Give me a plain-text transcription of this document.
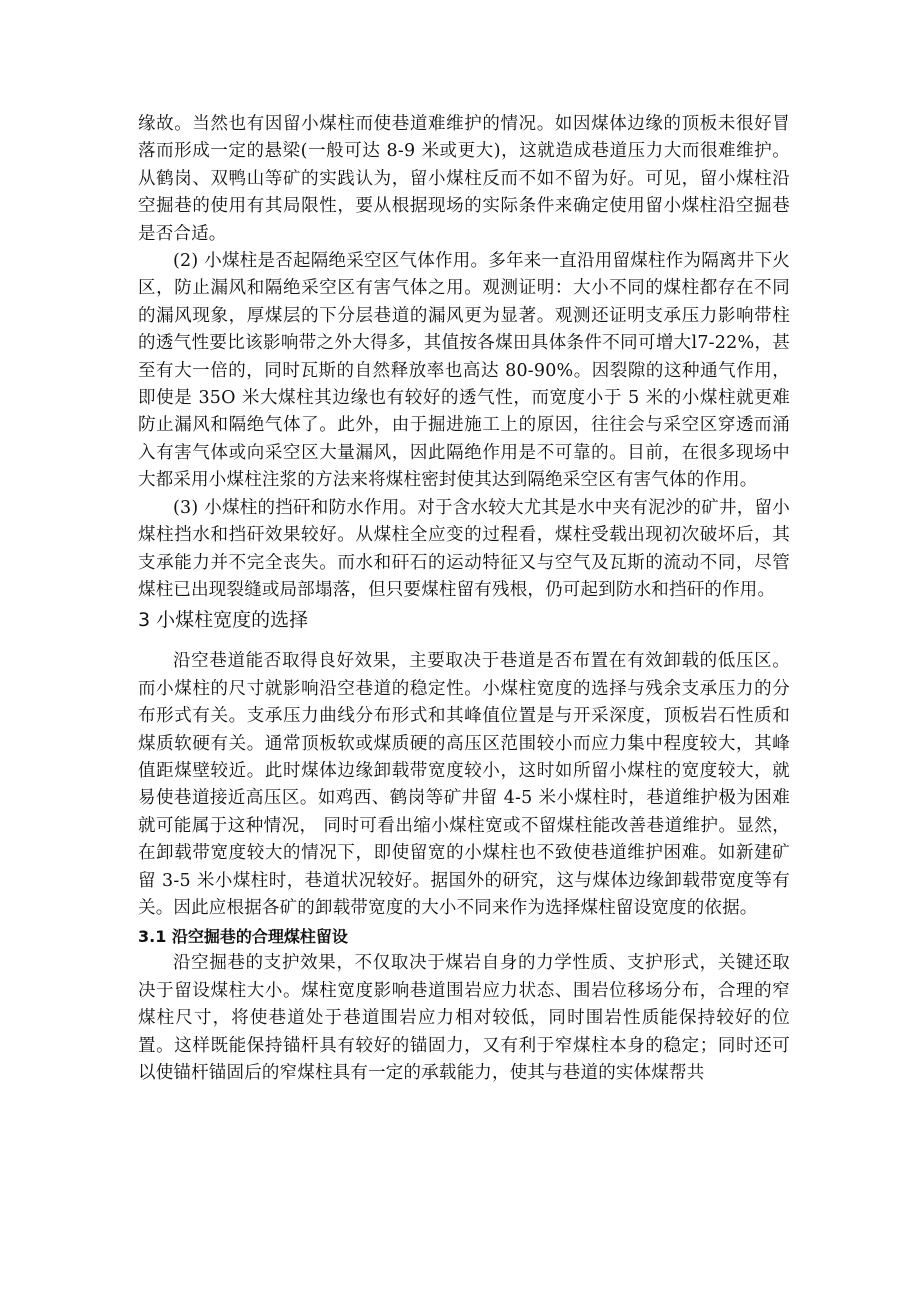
缘故。当然也有因留小煤柱而使巷道难维护的情况。如因煤体边缘的顶板未很好冒落而形成一定的悬梁(一般可达 8-9 米或更大)，这就造成巷道压力大而很难维护。从鹤岗、双鸭山等矿的实践认为，留小煤柱反而不如不留为好。可见，留小煤柱沿空掘巷的使用有其局限性，要从根据现场的实际条件来确定使用留小煤柱沿空掘巷是否合适。

(2) 小煤柱是否起隔绝采空区气体作用。多年来一直沿用留煤柱作为隔离井下火区，防止漏风和隔绝采空区有害气体之用。观测证明：大小不同的煤柱都存在不同的漏风现象，厚煤层的下分层巷道的漏风更为显著。观测还证明支承压力影响带柱的透气性要比该影响带之外大得多，其值按各煤田具体条件不同可增大l7-22%，甚至有大一倍的，同时瓦斯的自然释放率也高达 80-90%。因裂隙的这种通气作用，即使是 35O 米大煤柱其边缘也有较好的透气性，而宽度小于 5 米的小煤柱就更难防止漏风和隔绝气体了。此外，由于掘进施工上的原因，往往会与采空区穿透而涌入有害气体或向采空区大量漏风，因此隔绝作用是不可靠的。目前，在很多现场中大都采用小煤柱注浆的方法来将煤柱密封使其达到隔绝采空区有害气体的作用。

(3) 小煤柱的挡矸和防水作用。对于含水较大尤其是水中夹有泥沙的矿井，留小煤柱挡水和挡矸效果较好。从煤柱全应变的过程看，煤柱受载出现初次破坏后，其支承能力并不完全丧失。而水和矸石的运动特征又与空气及瓦斯的流动不同，尽管煤柱已出现裂缝或局部塌落，但只要煤柱留有残根，仍可起到防水和挡矸的作用。

3 小煤柱宽度的选择

沿空巷道能否取得良好效果，主要取决于巷道是否布置在有效卸载的低压区。而小煤柱的尺寸就影响沿空巷道的稳定性。小煤柱宽度的选择与残余支承压力的分布形式有关。支承压力曲线分布形式和其峰值位置是与开采深度，顶板岩石性质和煤质软硬有关。通常顶板软或煤质硬的高压区范围较小而应力集中程度较大，其峰值距煤壁较近。此时煤体边缘卸载带宽度较小，这时如所留小煤柱的宽度较大，就易使巷道接近高压区。如鸡西、鹤岗等矿井留 4-5 米小煤柱时，巷道维护极为困难就可能属于这种情况， 同时可看出缩小煤柱宽或不留煤柱能改善巷道维护。显然，在卸载带宽度较大的情况下，即使留宽的小煤柱也不致使巷道维护困难。如新建矿留 3-5 米小煤柱时，巷道状况较好。据国外的研究，这与煤体边缘卸载带宽度等有关。因此应根据各矿的卸载带宽度的大小不同来作为选择煤柱留设宽度的依据。

3.1 沿空掘巷的合理煤柱留设

沿空掘巷的支护效果，不仅取决于煤岩自身的力学性质、支护形式，关键还取决于留设煤柱大小。煤柱宽度影响巷道围岩应力状态、围岩位移场分布，合理的窄煤柱尺寸，将使巷道处于巷道围岩应力相对较低，同时围岩性质能保持较好的位置。这样既能保持锚杆具有较好的锚固力，又有利于窄煤柱本身的稳定；同时还可以使锚杆锚固后的窄煤柱具有一定的承载能力，使其与巷道的实体煤帮共
